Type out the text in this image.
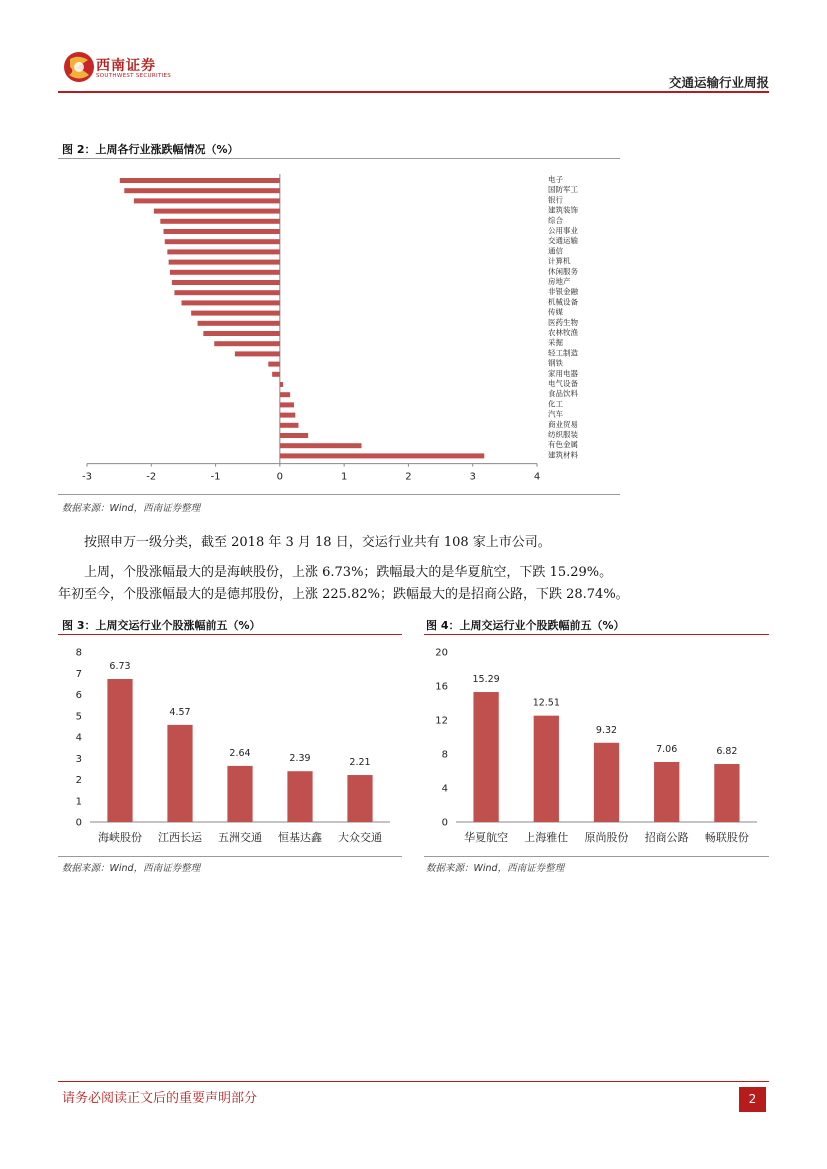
西南证券
SOUTHWEST SECURITIES	交通运输行业周报
图 2：上周各行业涨跌幅情况（%）
-3	-2	-1	0	1	2	3	4
电子
国防军工
银行
建筑装饰
综合
公用事业
交通运输
通信
计算机
休闲服务
房地产
非银金融
机械设备
传媒
医药生物
农林牧渔
采掘
轻工制造
钢铁
家用电器
电气设备
食品饮料
化工
汽车
商业贸易
纺织服装
有色金属
建筑材料
数据来源：Wind，西南证券整理
按照申万一级分类，截至 2018 年 3 月 18 日，交运行业共有 108 家上市公司。
上周，个股涨幅最大的是海峡股份，上涨 6.73%；跌幅最大的是华夏航空，下跌 15.29%。
年初至今，个股涨幅最大的是德邦股份，上涨 225.82%；跌幅最大的是招商公路，下跌 28.74%。
图 3：上周交运行业个股涨幅前五（%）
0
1
2
3
4
5
6
7
8
6.73
海峡股份
4.57
江西长运
2.64
五洲交通
2.39
恒基达鑫
2.21
大众交通
数据来源：Wind，西南证券整理
图 4：上周交运行业个股跌幅前五（%）
0
4
8
12
16
20
15.29
华夏航空
12.51
上海雅仕
9.32
原尚股份
7.06
招商公路
6.82
畅联股份
数据来源：Wind，西南证券整理
请务必阅读正文后的重要声明部分	2
